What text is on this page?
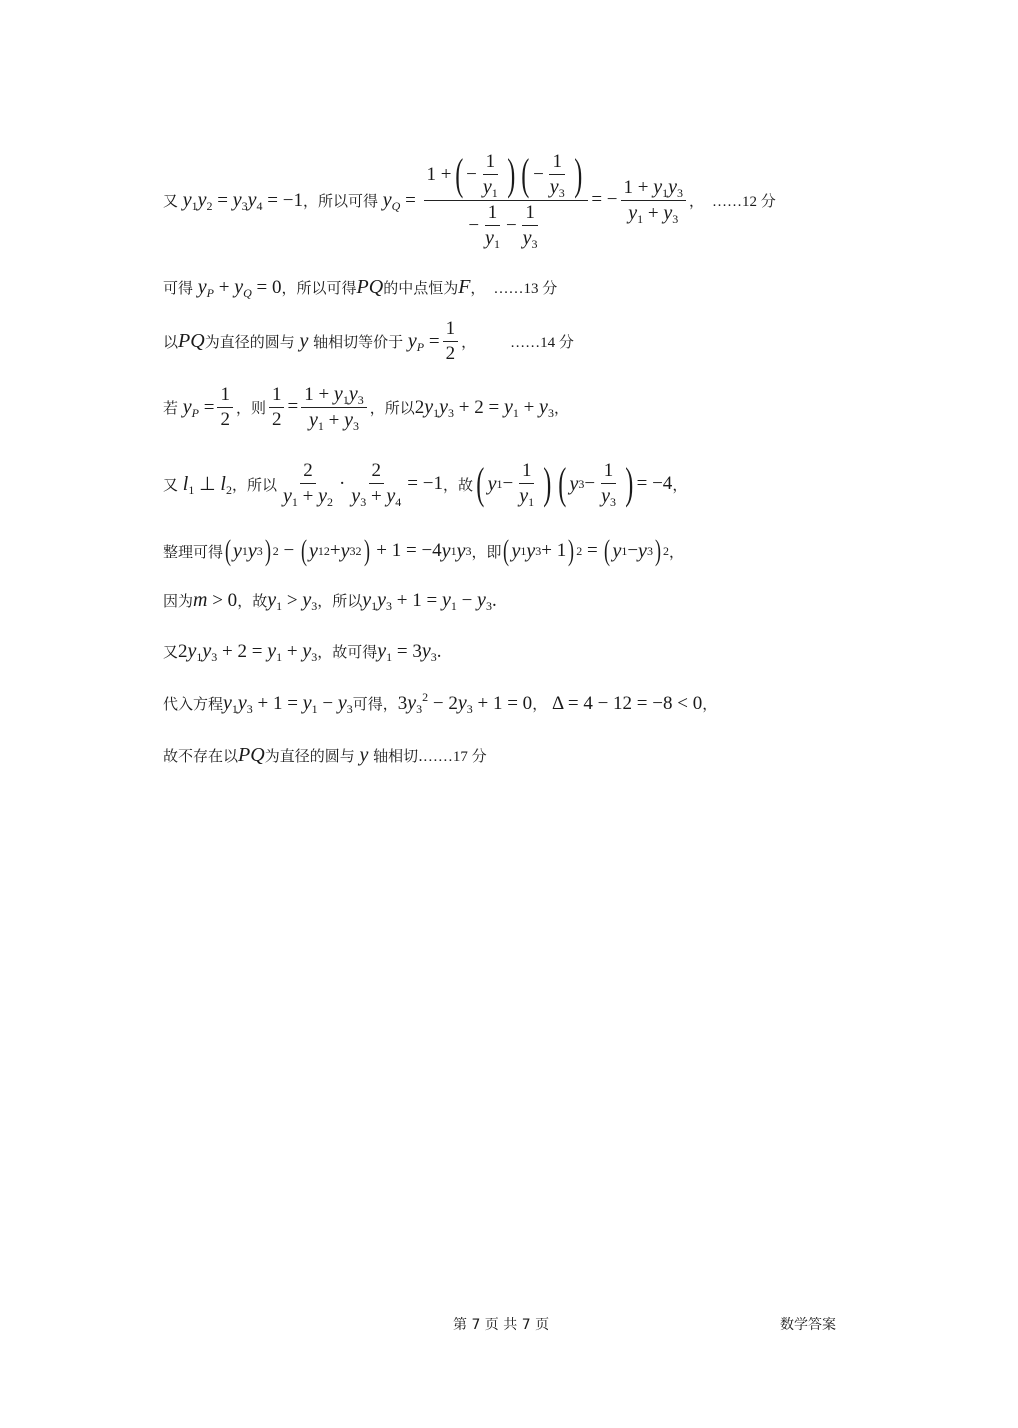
又 $y_1y_2 = y_3y_4 = -1$ ，所以可得 $y_Q = \frac{1 + ( - \frac{1}{y_1} ) ( - \frac{1}{y_3} )}{- \frac{1}{y_1} - \frac{1}{y_3}}$ = − $\frac{1 + y_1y_3}{y_1 + y_3}$ ， ……12 分
可得 $y_P + y_Q = 0$ ，所以可得 PQ 的中点恒为 F ， ……13 分
以 PQ 为直径的圆与 y 轴相切等价于 $y_P = \frac{1}{2}$ ， ……14 分
若 $y_P = \frac{1}{2}$ ，则 $\frac{1}{2} = \frac{1 + y_1y_3}{y_1 + y_3}$ ，所以 $2y_1y_3 + 2 = y_1 + y_3$ ，
又 $l_1$ ⊥ $l_2$ ，所以 $\frac{2}{y_1 + y_2} \cdot \frac{2}{y_3 + y_4} = -1$ ，故 ( y $1 - \frac{1}{y_1}$ ) ( y $3 - \frac{1}{y_3}$ ) = −4 ，
整理可得 ( y 1 y 3 ) 2 − ( y 1 2 + y 3 2 ) + 1 = −4 y 1 y 3 ，即 ( y 1 y 3 + 1 ) 2 = ( y 1 − y 3 ) 2 ，
因为 m > 0 ，故 $y_1 > y_3$ ，所以 $y_1y_3 + 1 = y_1 - y_3$ .
又 $2y_1y_3 + 2 = y_1 + y_3$ ，故可得 $y_1 = 3y_3$ .
代入方程 $y_1y_3 + 1 = y_1 - y_3$ 可得， $3y_3^2 - 2y_3 + 1 = 0$ ， Δ = 4 − 12 = −8 < 0 ，
故不存在以 PQ 为直径的圆与 y 轴相切. ……17 分
第 7 页 共 7 页	数学答案
